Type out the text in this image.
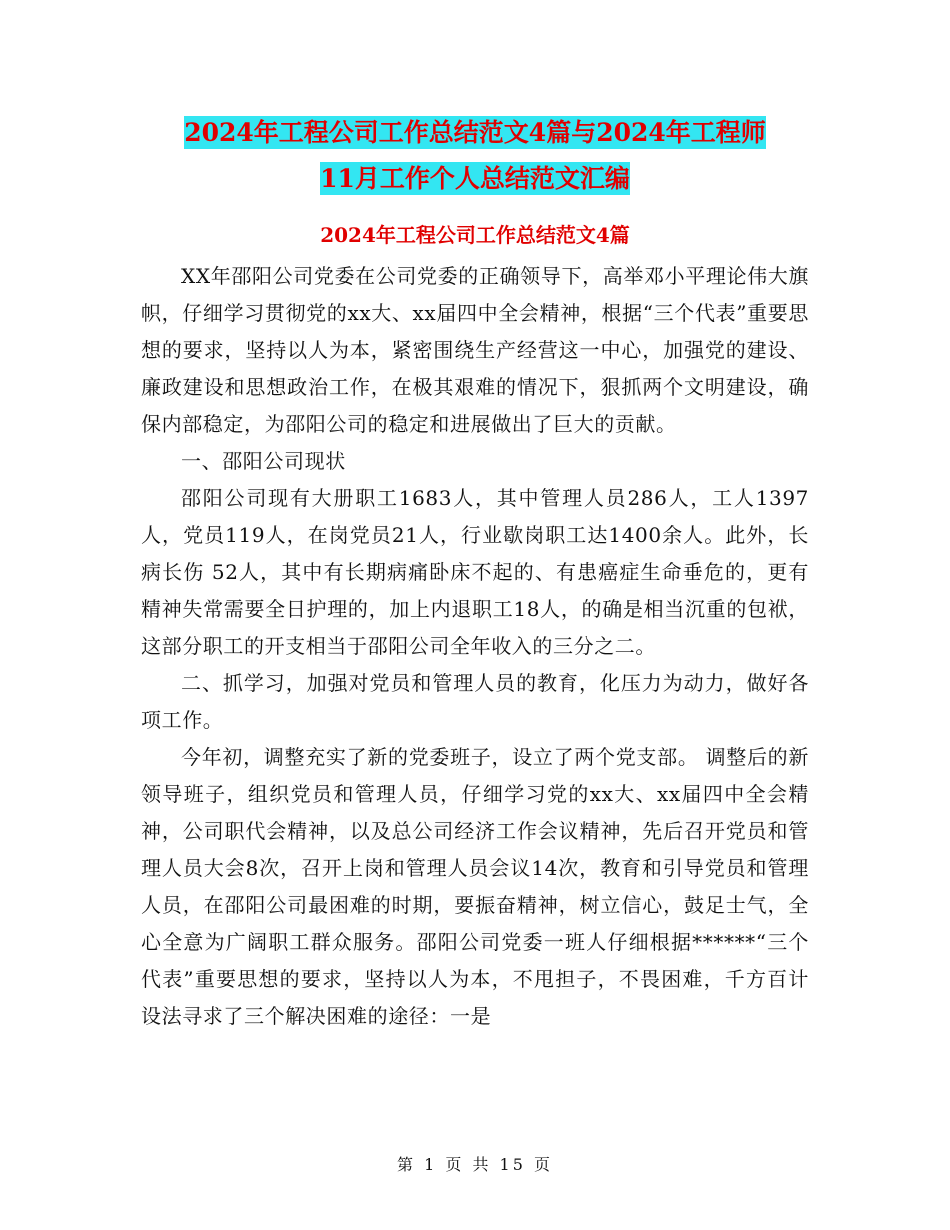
2024年工程公司工作总结范文4篇与2024年工程师
11月工作个人总结范文汇编
2024年工程公司工作总结范文4篇

XX年邵阳公司党委在公司党委的正确领导下，高举邓小平理论伟大旗帜，仔细学习贯彻党的xx大、xx届四中全会精神，根据“三个代表”重要思想的要求，坚持以人为本，紧密围绕生产经营这一中心，加强党的建设、廉政建设和思想政治工作，在极其艰难的情况下，狠抓两个文明建设，确保内部稳定，为邵阳公司的稳定和进展做出了巨大的贡献。

一、邵阳公司现状

邵阳公司现有大册职工1683人，其中管理人员286人，工人1397人，党员119人，在岗党员21人，行业歇岗职工达1400余人。此外，长病长伤 52人，其中有长期病痛卧床不起的、有患癌症生命垂危的，更有精神失常需要全日护理的，加上内退职工18人，的确是相当沉重的包袱，这部分职工的开支相当于邵阳公司全年收入的三分之二。

二、抓学习，加强对党员和管理人员的教育，化压力为动力，做好各项工作。

今年初，调整充实了新的党委班子，设立了两个党支部。 调整后的新领导班子，组织党员和管理人员，仔细学习党的xx大、xx届四中全会精神，公司职代会精神，以及总公司经济工作会议精神，先后召开党员和管理人员大会8次，召开上岗和管理人员会议14次，教育和引导党员和管理人员，在邵阳公司最困难的时期，要振奋精神，树立信心，鼓足士气，全心全意为广阔职工群众服务。邵阳公司党委一班人仔细根据******“三个代表”重要思想的要求，坚持以人为本，不甩担子，不畏困难，千方百计设法寻求了三个解决困难的途径：一是

第 1 页 共 15 页
